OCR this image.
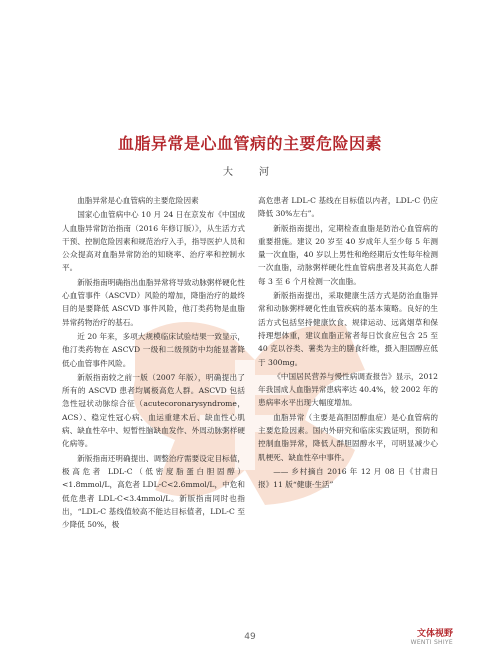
血脂异常是心血管病的主要危险因素
大　河

血脂异常是心血管病的主要危险因素

国家心血管病中心 10 月 24 日在京发布《中国成人血脂异常防治指南（2016 年修订版）》，从生活方式干预、控制危险因素和规范治疗入手，指导医护人员和公众提高对血脂异常防治的知晓率、治疗率和控制水平。

新版指南明确指出血脂异常将导致动脉粥样硬化性心血管事件（ASCVD）风险的增加，降脂治疗的最终目的是要降低 ASCVD 事件风险，他汀类药物是血脂异常药物治疗的基石。

近 20 年来，多项大规模临床试验结果一致显示，他汀类药物在 ASCVD 一级和二级预防中均能显著降低心血管事件风险。

新版指南较之前一版（2007 年版），明确提出了所有的 ASCVD 患者均属极高危人群。ASCVD 包括急性冠状动脉综合征（acutecoronarysyndrome，ACS）、稳定性冠心病、血运重建术后、缺血性心肌病、缺血性卒中、短暂性脑缺血发作、外周动脉粥样硬化病等。

新版指南还明确提出、调整治疗需要设定目标值，极高危者 LDL-C（低密度脂蛋白胆固醇）<1.8mmol/L，高危者 LDL-C<2.6mmol/L，中危和低危患者 LDL-C<3.4mmol/L。新版指南同时也指出，“LDL-C 基线值较高不能达目标值者，LDL-C 至少降低 50%，极

高危患者 LDL-C 基线在目标值以内者，LDL-C 仍应降低 30%左右”。

新版指南提出，定期检查血脂是防治心血管病的重要措施。建议 20 岁至 40 岁成年人至少每 5 年测量一次血脂，40 岁以上男性和绝经期后女性每年检测一次血脂，动脉粥样硬化性血管病患者及其高危人群每 3 至 6 个月检测一次血脂。

新版指南提出，采取健康生活方式是防治血脂异常和动脉粥样硬化性血管疾病的基本策略。良好的生活方式包括坚持健康饮食、规律运动、远离烟草和保持理想体重，建议血脂正常者每日饮食应包含 25 至 40 克以谷类、薯类为主的膳食纤维，摄入胆固醇应低于 300mg。

《中国居民营养与慢性病调查报告》显示，2012 年我国成人血脂异常患病率达 40.4%，较 2002 年的患病率水平出现大幅度增加。

血脂异常（主要是高胆固醇血症）是心血管病的主要危险因素。国内外研究和临床实践证明，预防和控制血脂异常，降低人群胆固醇水平，可明显减少心肌梗死、缺血性卒中事件。

—— 乡村摘自 2016 年 12 月 08 日《甘肃日报》11 版“健康·生活”

49	文体视野
WENTI SHIYE
